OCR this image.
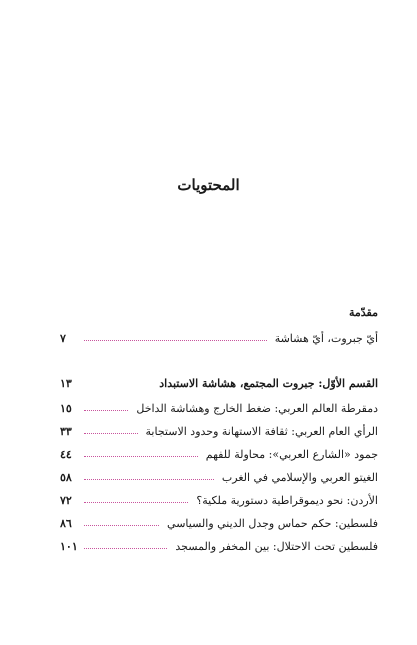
المحتويات
مقدّمة
أيّ جبروت، أيّ هشاشة
٧
القسم الأوّل: جبروت المجتمع، هشاشة الاستبداد
١٣
دمقرطة العالم العربي: ضغط الخارج وهشاشة الداخل
١٥
الرأي العام العربي: ثقافة الاستهانة وحدود الاستجابة
٣٣
جمود «الشارع العربي»: محاولة للفهم
٤٤
الغيتو العربي والإسلامي في الغرب
٥٨
الأردن: نحو ديموقراطية دستورية ملكية؟
٧٢
فلسطين: حكم حماس وجدل الديني والسياسي
٨٦
فلسطين تحت الاحتلال: بين المخفر والمسجد
١٠١
